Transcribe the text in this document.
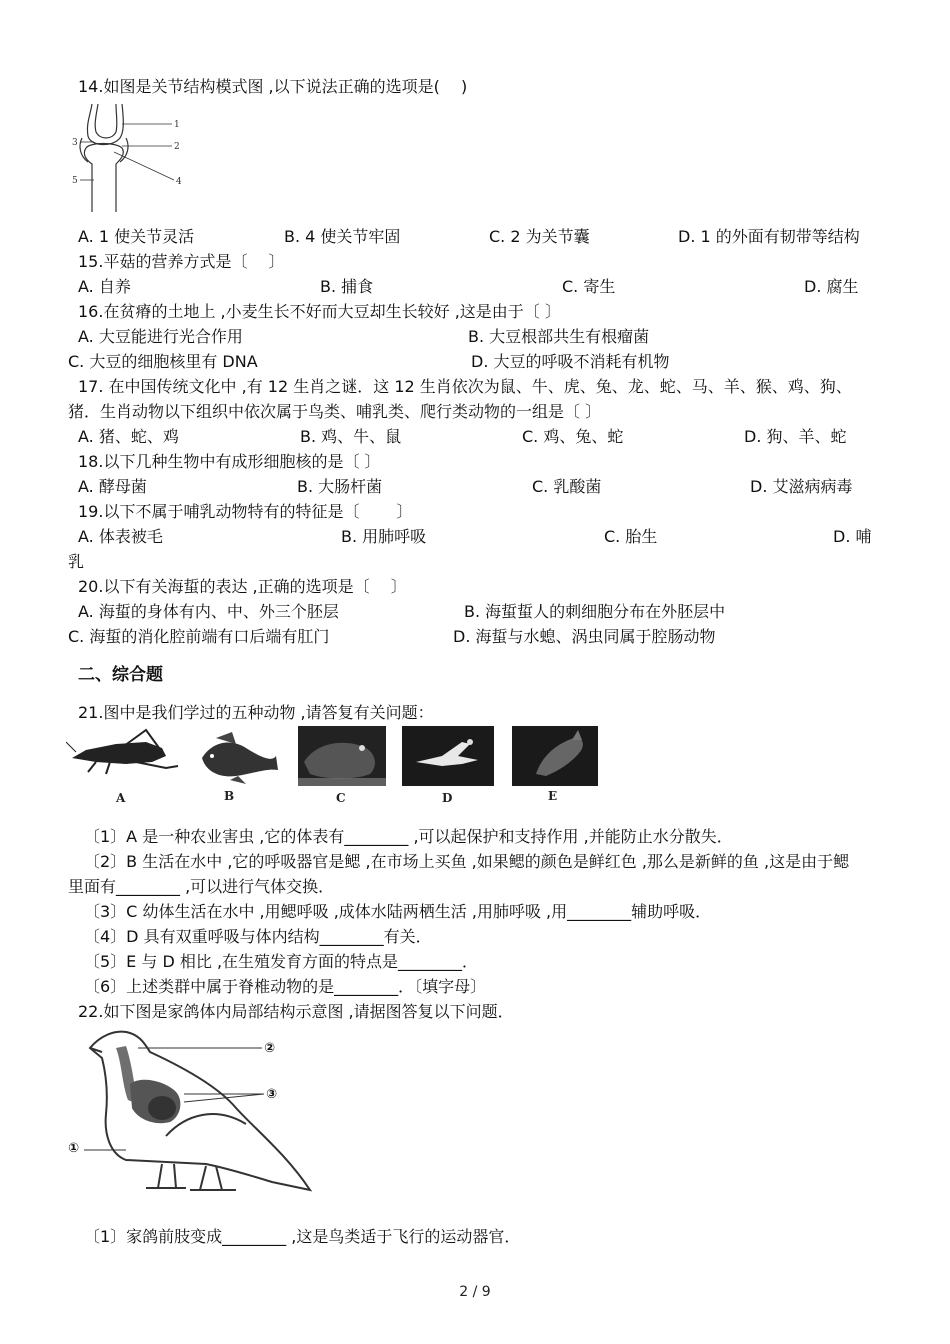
14.如图是关节结构模式图 ,以下说法正确的选项是(　 )
1
2
3
4
5
A. 1 使关节灵活	B. 4 使关节牢固	C. 2 为关节囊	D. 1 的外面有韧带等结构
15.平菇的营养方式是〔　 〕
A. 自养	B. 捕食	C. 寄生	D. 腐生
16.在贫瘠的土地上 ,小麦生长不好而大豆却生长较好 ,这是由于〔 〕
A. 大豆能进行光合作用	B. 大豆根部共生有根瘤菌
C. 大豆的细胞核里有 DNA	D. 大豆的呼吸不消耗有机物
17. 在中国传统文化中 ,有 12 生肖之谜．这 12 生肖依次为鼠、牛、虎、兔、龙、蛇、马、羊、猴、鸡、狗、
猪．生肖动物以下组织中依次属于鸟类、哺乳类、爬行类动物的一组是〔 〕
A. 猪、蛇、鸡	B. 鸡、牛、鼠	C. 鸡、兔、蛇	D. 狗、羊、蛇
18.以下几种生物中有成形细胞核的是〔 〕
A. 酵母菌	B. 大肠杆菌	C. 乳酸菌	D. 艾滋病病毒
19.以下不属于哺乳动物特有的特征是〔　　 〕
A. 体表被毛	B. 用肺呼吸	C. 胎生	D. 哺
乳
20.以下有关海蜇的表达 ,正确的选项是〔　 〕
A. 海蜇的身体有内、中、外三个胚层	B. 海蜇蜇人的刺细胞分布在外胚层中
C. 海蜇的消化腔前端有口后端有肛门	D. 海蜇与水螅、涡虫同属于腔肠动物
二、综合题
21.图中是我们学过的五种动物 ,请答复有关问题：
A	B	C	D	E
〔1〕A 是一种农业害虫 ,它的体表有________ ,可以起保护和支持作用 ,并能防止水分散失．
〔2〕B 生活在水中 ,它的呼吸器官是鳃 ,在市场上买鱼 ,如果鳃的颜色是鲜红色 ,那么是新鲜的鱼 ,这是由于鳃
里面有________ ,可以进行气体交换．
〔3〕C 幼体生活在水中 ,用鳃呼吸 ,成体水陆两栖生活 ,用肺呼吸 ,用________辅助呼吸．
〔4〕D 具有双重呼吸与体内结构________有关．
〔5〕E 与 D 相比 ,在生殖发育方面的特点是________．
〔6〕上述类群中属于脊椎动物的是________．〔填字母〕
22.如下图是家鸽体内局部结构示意图 ,请据图答复以下问题．
①
②
③
〔1〕家鸽前肢变成________ ,这是鸟类适于飞行的运动器官．
2 / 9
